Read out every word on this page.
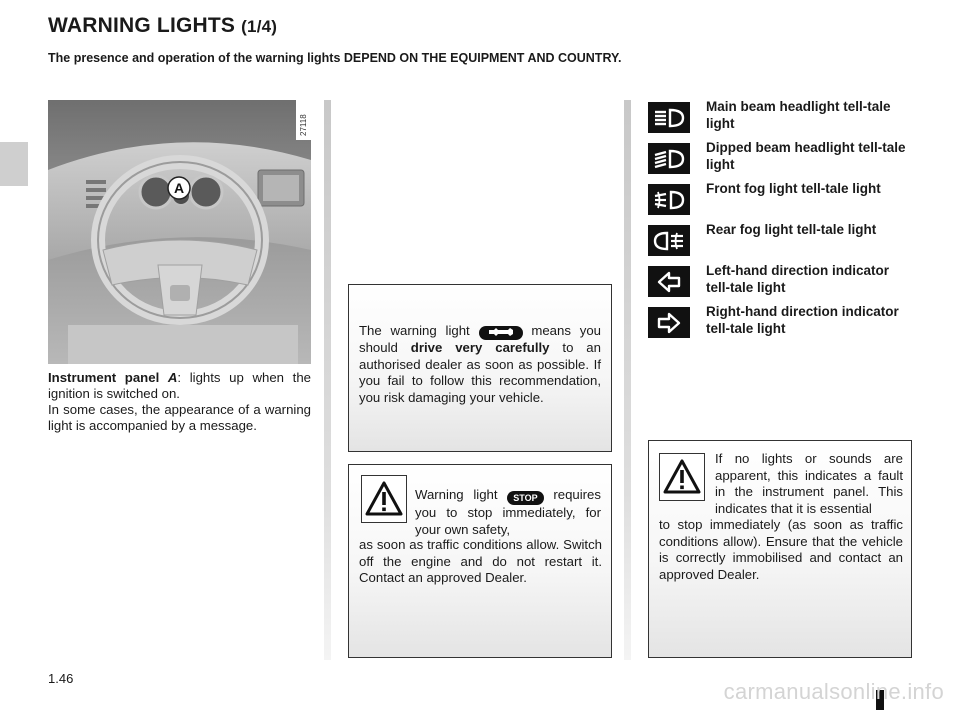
WARNING LIGHTS (1/4)
The presence and operation of the warning lights DEPEND ON THE EQUIPMENT AND COUNTRY.
A
27118
Instrument panel A: lights up when the ignition is switched on.
In some cases, the appearance of a warning light is accompanied by a message.
The warning light	means you should drive very carefully to an authorised dealer as soon as possible. If you fail to follow this recommendation, you risk damaging your vehicle.
Warning light STOP requires you to stop immediately, for your own safety,
as soon as traffic conditions allow. Switch off the engine and do not restart it. Contact an approved Dealer.
If no lights or sounds are apparent, this indicates a fault in the instrument panel. This indicates that it is essential
to stop immediately (as soon as traffic conditions allow). Ensure that the vehicle is correctly immobilised and contact an approved Dealer.
Main beam headlight tell-tale light
Dipped beam headlight tell-tale light
Front fog light tell-tale light
Rear fog light tell-tale light
Left-hand direction indicator tell-tale light
Right-hand direction indicator tell-tale light
1.46
carmanualsonline.info
